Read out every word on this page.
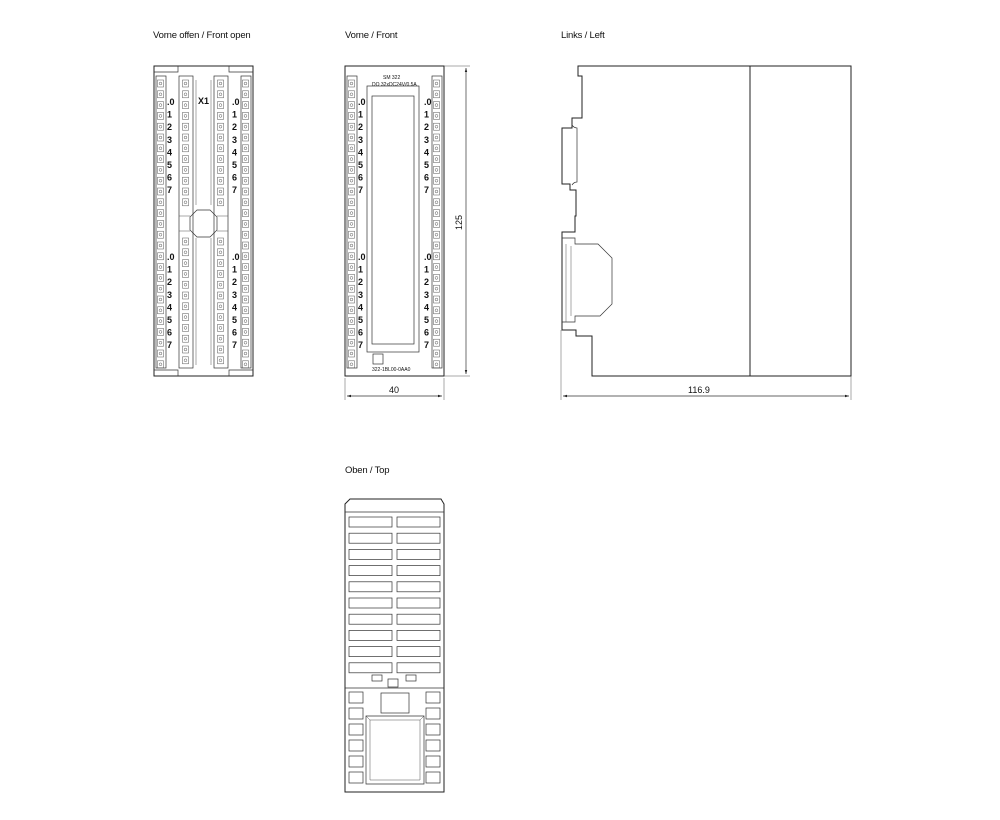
Vorne offen / Front open	Vorne / Front	Links / Left
Oben / Top
X1
.0
1
2
3
4
5
6
7
.0
1
2
3
4
5
6
7
.0
1
2
3
4
5
6
7
.0
1
2
3
4
5
6
7
SM 322
DO 32xDC24V/0.5A
322-1BL00-0AA0
.0
1
2
3
4
5
6
7
.0
1
2
3
4
5
6
7
.0
1
2
3
4
5
6
7
.0
1
2
3
4
5
6
7
40
125
116.9
